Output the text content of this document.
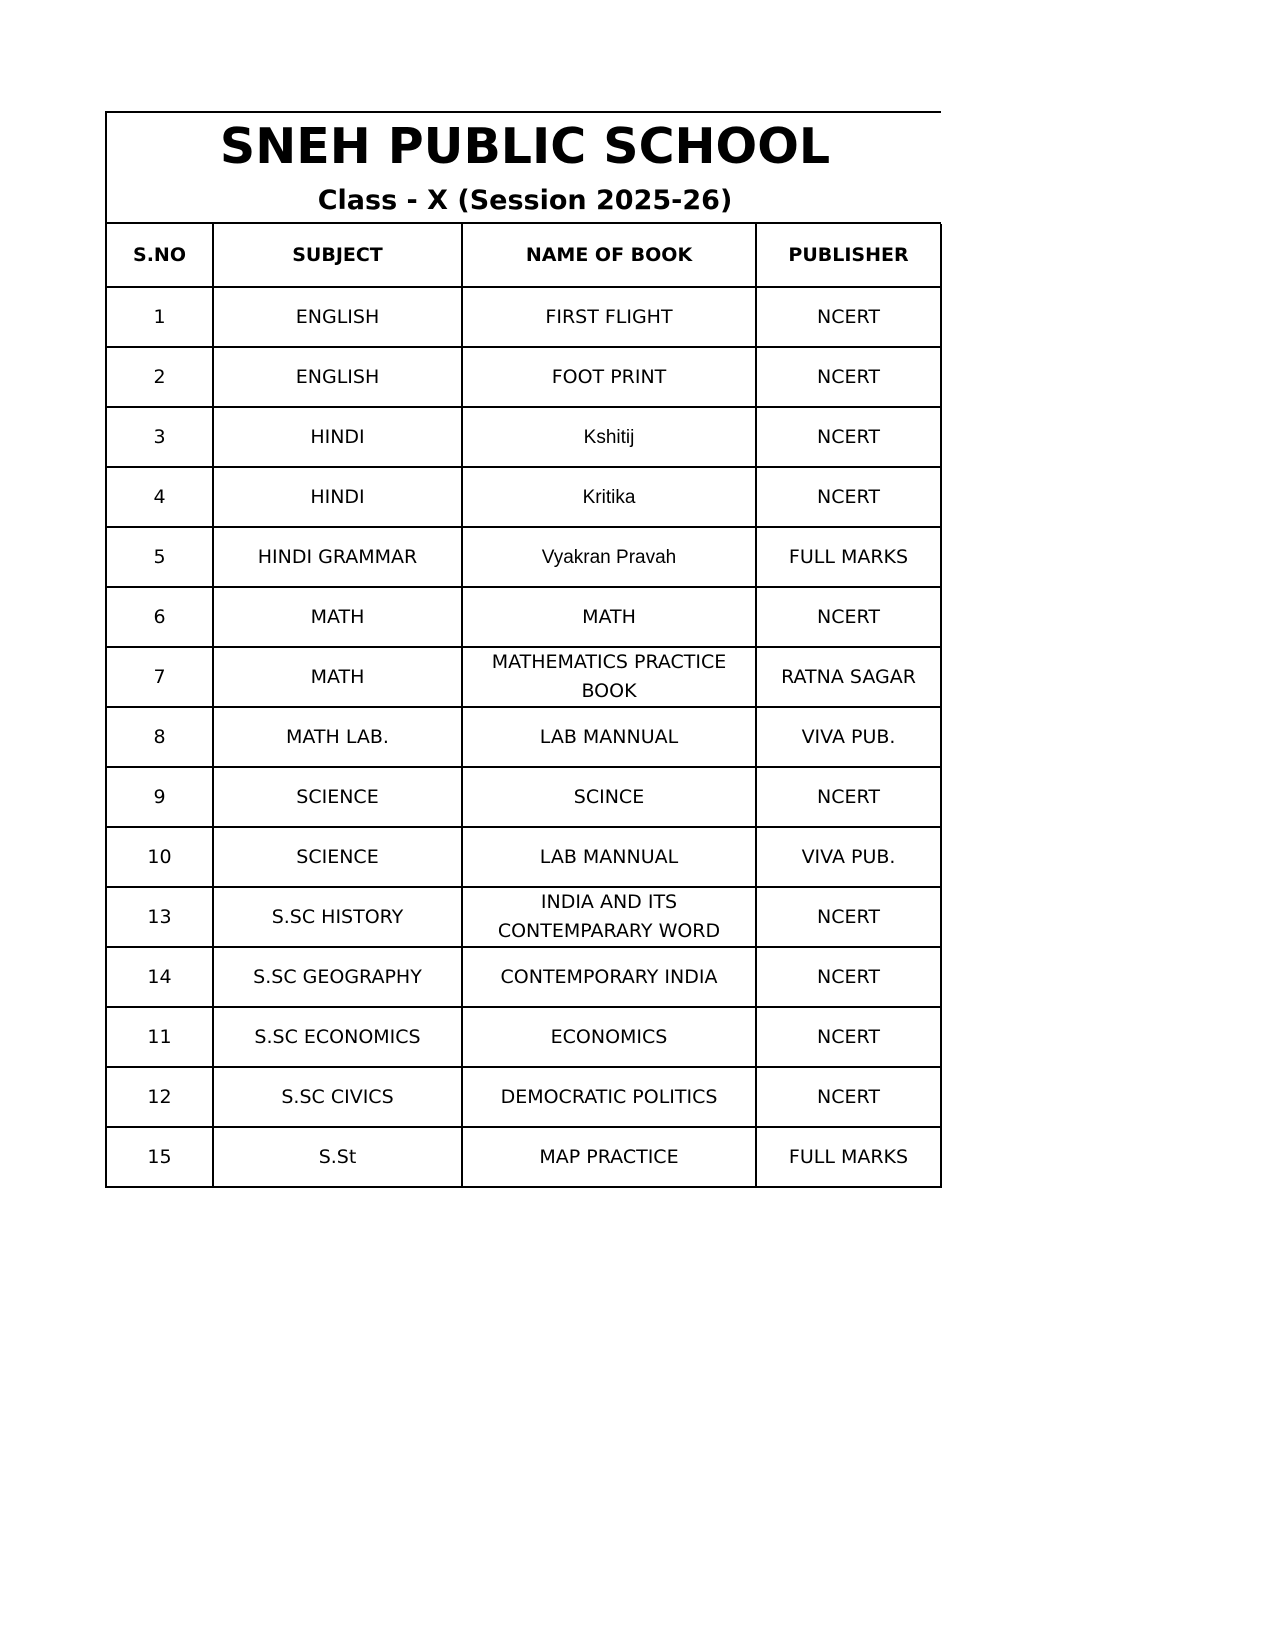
SNEH PUBLIC SCHOOL
Class - X (Session 2025-26)
S.NO	SUBJECT	NAME OF BOOK	PUBLISHER
1	ENGLISH	FIRST FLIGHT	NCERT
2	ENGLISH	FOOT PRINT	NCERT
3	HINDI	Kshitij	NCERT
4	HINDI	Kritika	NCERT
5	HINDI GRAMMAR	Vyakran Pravah	FULL MARKS
6	MATH	MATH	NCERT
7	MATH	MATHEMATICS PRACTICE BOOK	RATNA SAGAR
8	MATH LAB.	LAB MANNUAL	VIVA PUB.
9	SCIENCE	SCINCE	NCERT
10	SCIENCE	LAB MANNUAL	VIVA PUB.
13	S.SC HISTORY	INDIA AND ITS CONTEMPARARY WORD	NCERT
14	S.SC GEOGRAPHY	CONTEMPORARY INDIA	NCERT
11	S.SC ECONOMICS	ECONOMICS	NCERT
12	S.SC CIVICS	DEMOCRATIC POLITICS	NCERT
15	S.St	MAP PRACTICE	FULL MARKS
